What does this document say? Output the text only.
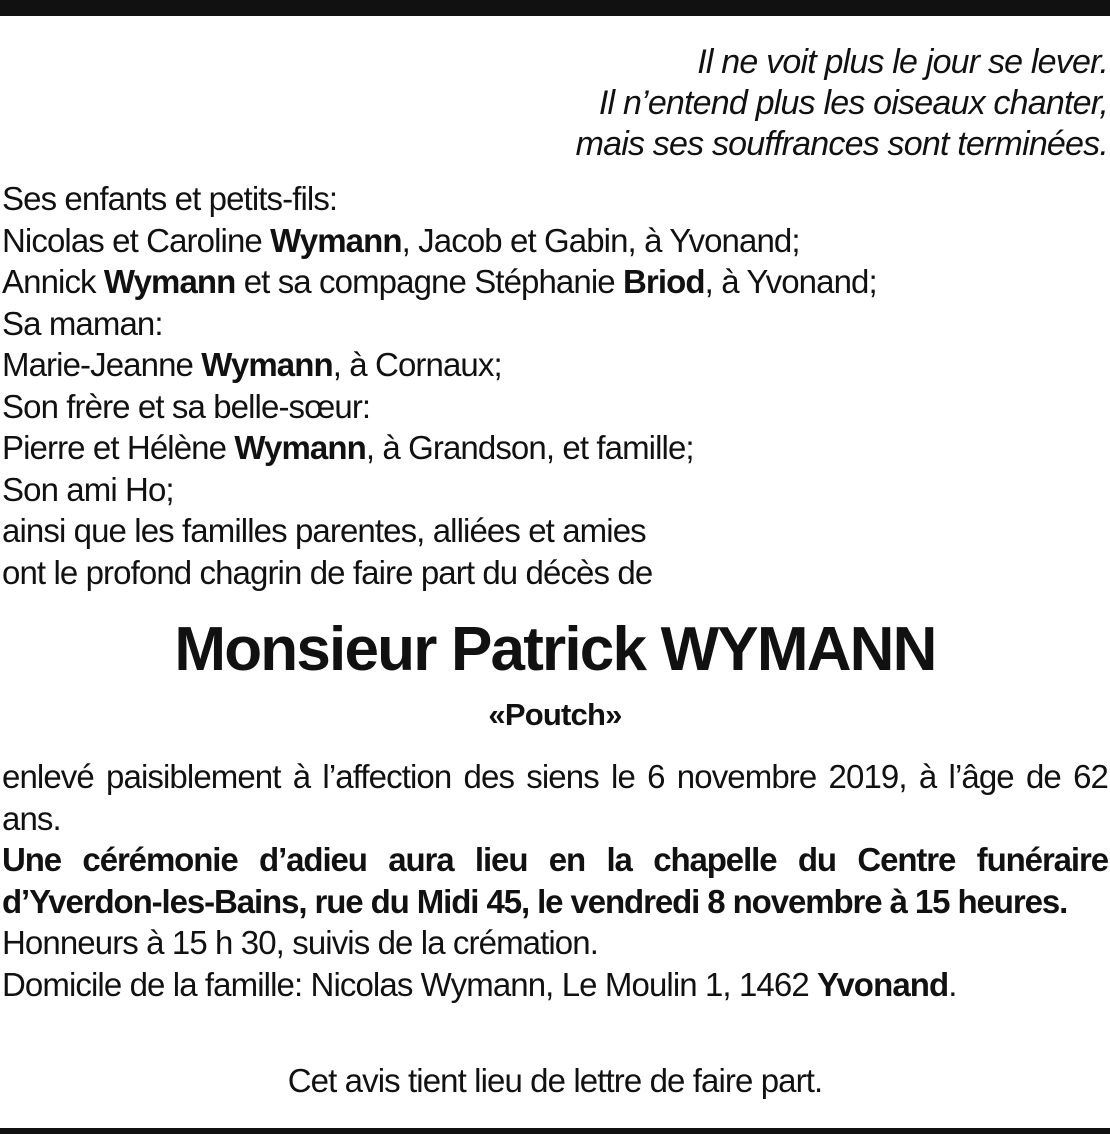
Il ne voit plus le jour se lever.
Il n’entend plus les oiseaux chanter,
mais ses souffrances sont terminées.
Ses enfants et petits-fils:
Nicolas et Caroline Wymann, Jacob et Gabin, à Yvonand;
Annick Wymann et sa compagne Stéphanie Briod, à Yvonand;
Sa maman:
Marie-Jeanne Wymann, à Cornaux;
Son frère et sa belle-sœur:
Pierre et Hélène Wymann, à Grandson, et famille;
Son ami Ho;
ainsi que les familles parentes, alliées et amies
ont le profond chagrin de faire part du décès de
Monsieur Patrick WYMANN
«Poutch»
enlevé paisiblement à l’affection des siens le 6 novembre 2019, à l’âge de 62 ans.
Une cérémonie d’adieu aura lieu en la chapelle du Centre funéraire d’Yverdon-les-Bains, rue du Midi 45, le vendredi 8 novembre à 15 heures.
Honneurs à 15 h 30, suivis de la crémation.
Domicile de la famille: Nicolas Wymann, Le Moulin 1, 1462 Yvonand.
Cet avis tient lieu de lettre de faire part.
